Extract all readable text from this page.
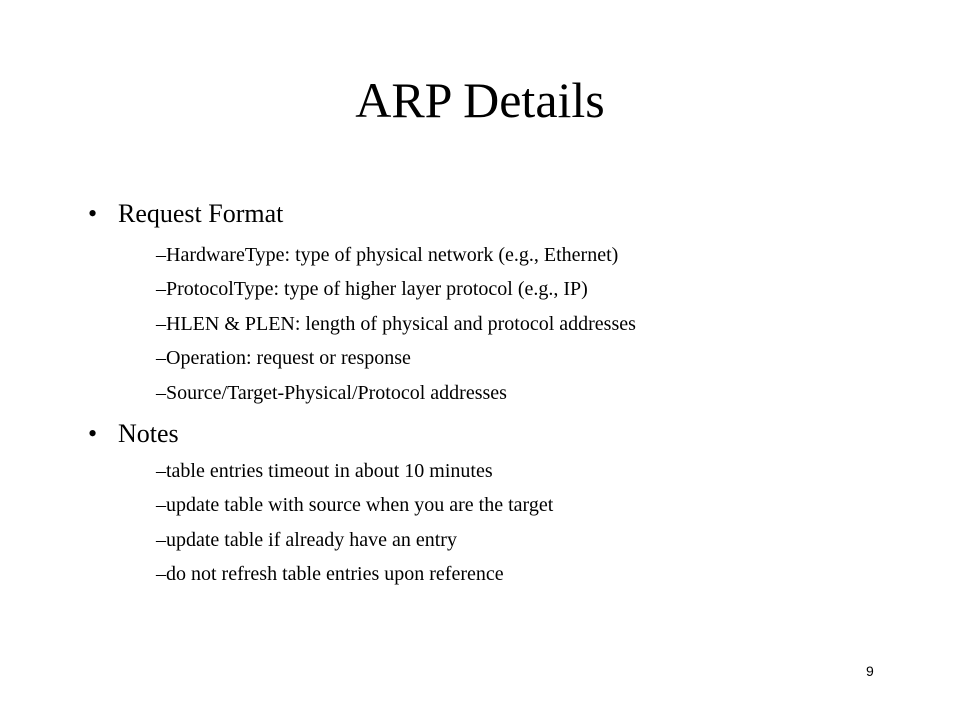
ARP Details
• Request Format
–HardwareType: type of physical network (e.g., Ethernet)
–ProtocolType: type of higher layer protocol (e.g., IP)
–HLEN & PLEN: length of physical and protocol addresses
–Operation: request or response
–Source/Target-Physical/Protocol addresses
• Notes
–table entries timeout in about 10 minutes
–update table with source when you are the target
–update table if already have an entry
–do not refresh table entries upon reference
9
